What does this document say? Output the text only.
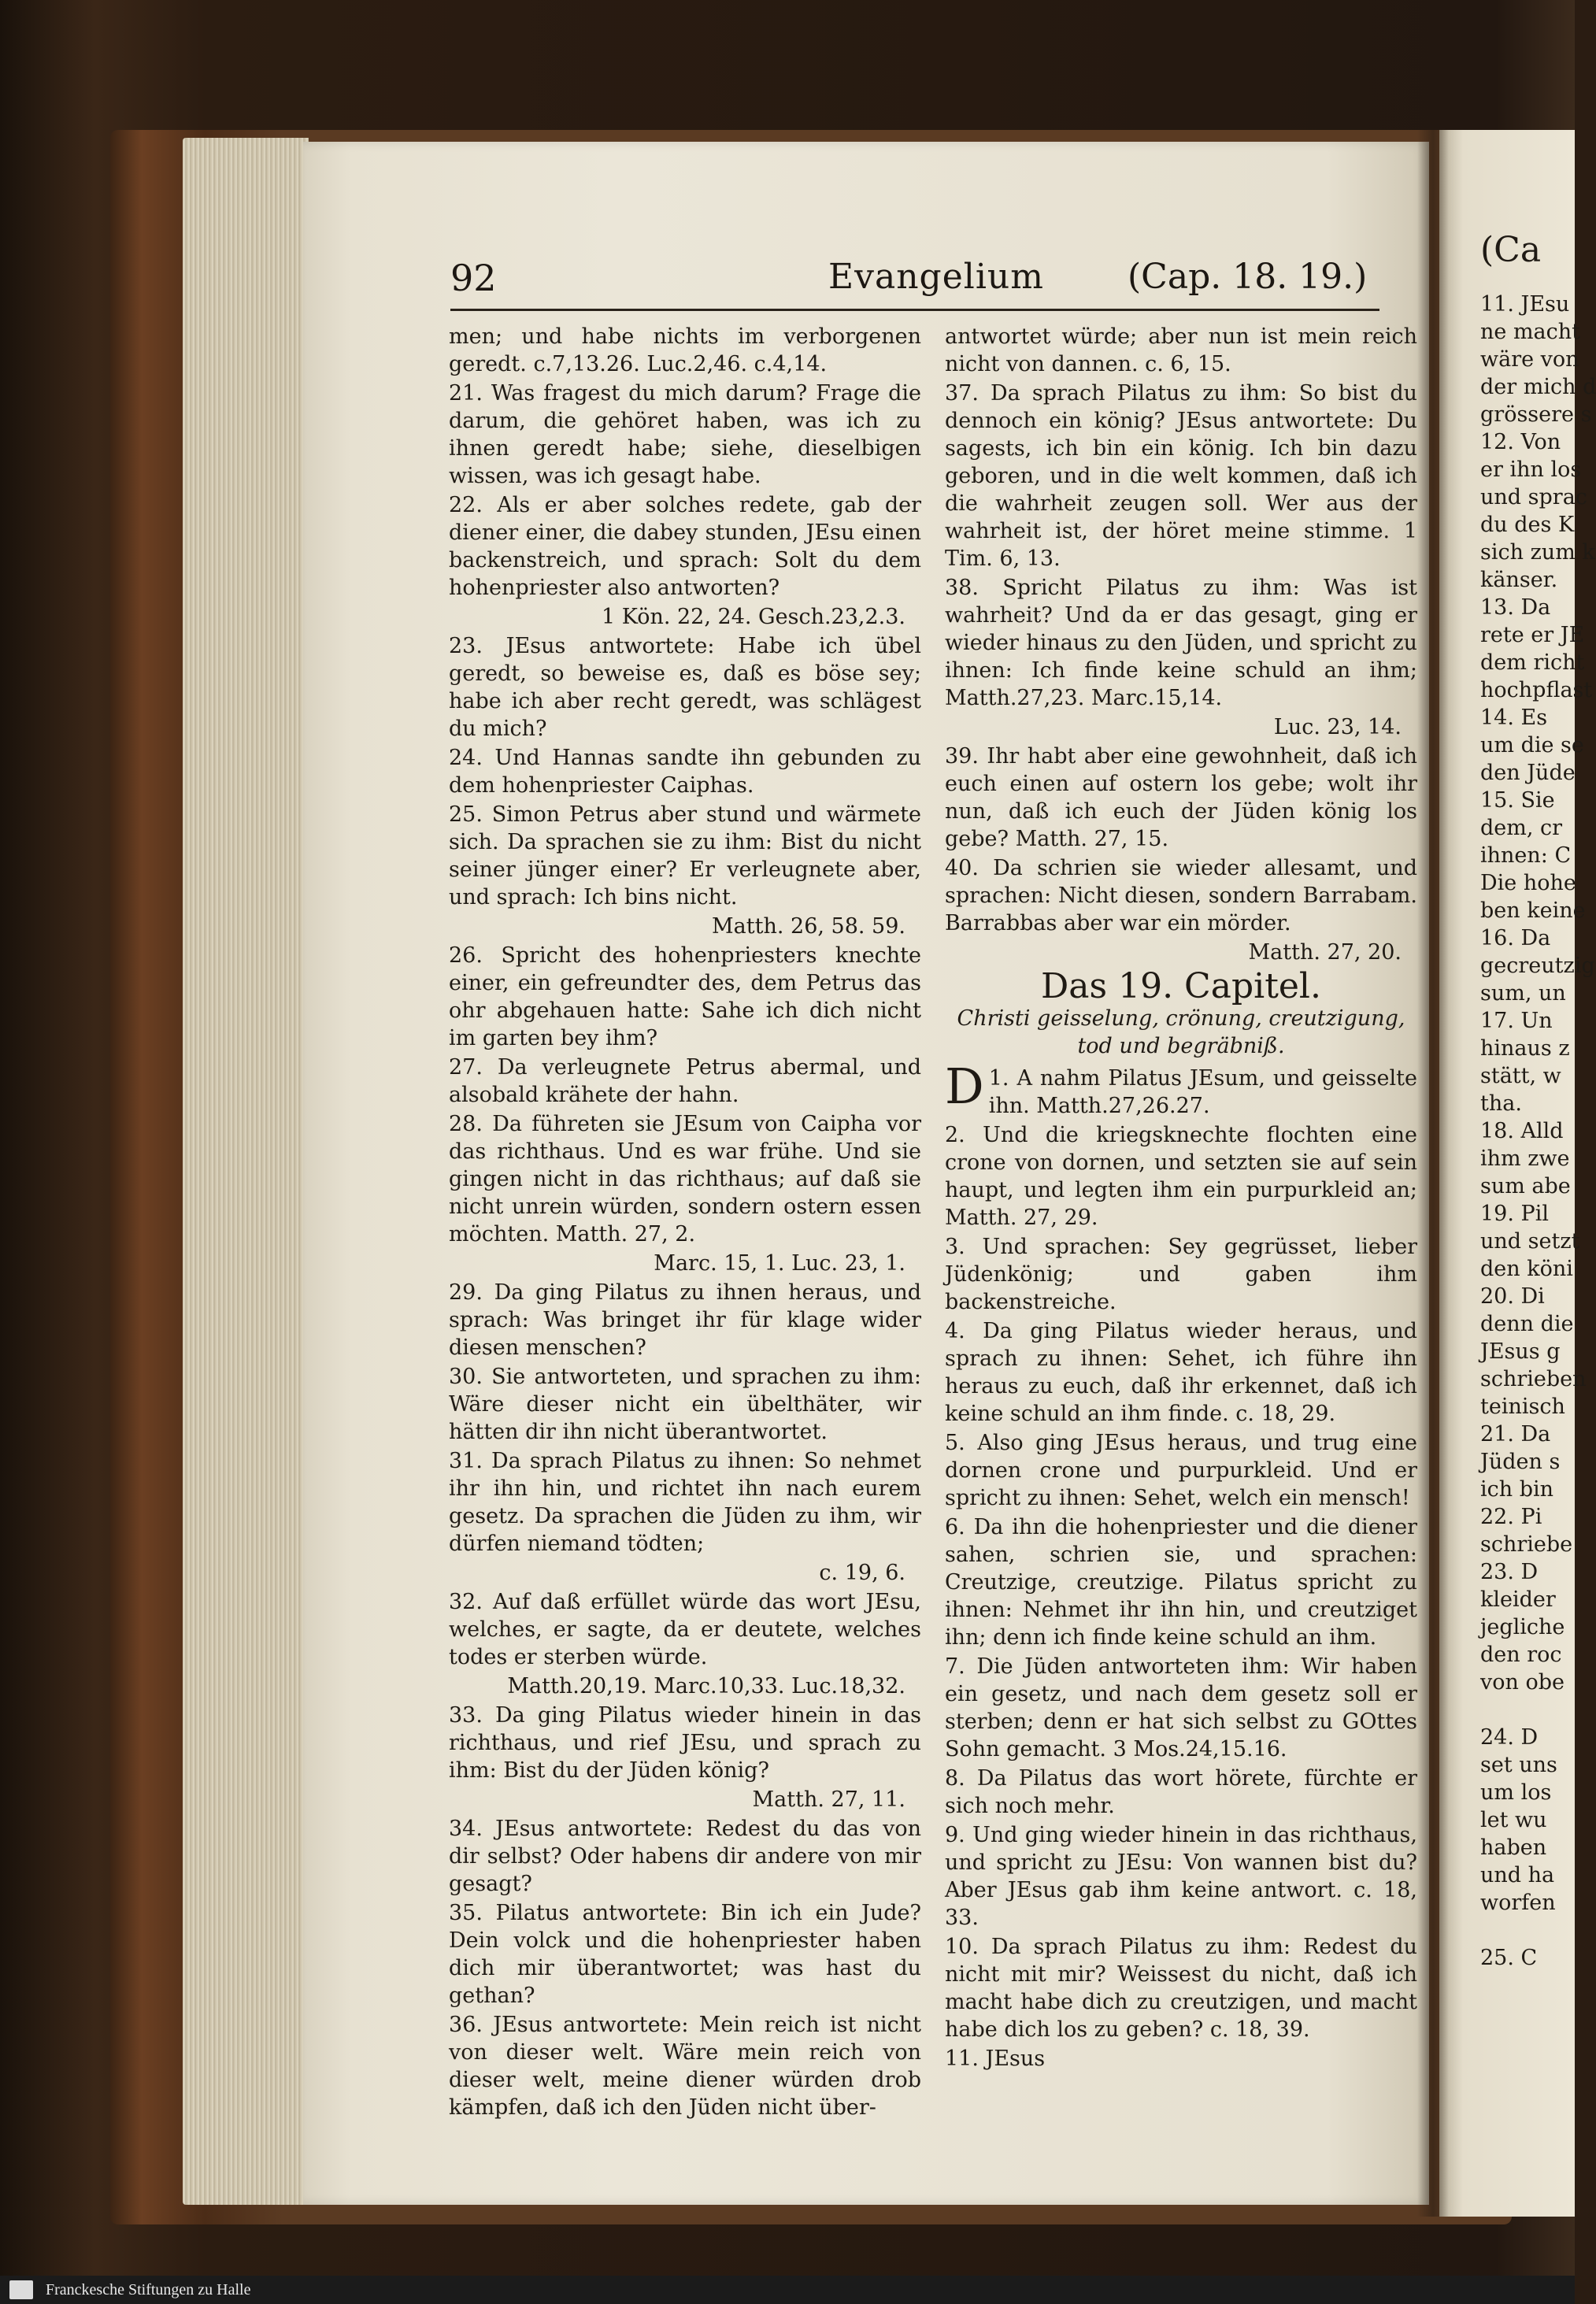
92	Evangelium (Cap. 18. 19.)

men; und habe nichts im verborgenen geredt. c.7,13.26. Luc.2,46. c.4,14.

21. Was fragest du mich darum? Frage die darum, die gehöret haben, was ich zu ihnen geredt habe; siehe, dieselbigen wissen, was ich gesagt habe.

22. Als er aber solches redete, gab der diener einer, die dabey stunden, JEsu einen backenstreich, und sprach: Solt du dem hohenpriester also antworten?

1 Kön. 22, 24. Gesch.23,2.3.

23. JEsus antwortete: Habe ich übel geredt, so beweise es, daß es böse sey; habe ich aber recht geredt, was schlägest du mich?

24. Und Hannas sandte ihn gebunden zu dem hohenpriester Caiphas.

25. Simon Petrus aber stund und wärmete sich. Da sprachen sie zu ihm: Bist du nicht seiner jünger einer? Er verleugnete aber, und sprach: Ich bins nicht.

Matth. 26, 58. 59.

26. Spricht des hohenpriesters knechte einer, ein gefreundter des, dem Petrus das ohr abgehauen hatte: Sahe ich dich nicht im garten bey ihm?

27. Da verleugnete Petrus abermal, und alsobald krähete der hahn.

28. Da führeten sie JEsum von Caipha vor das richthaus. Und es war frühe. Und sie gingen nicht in das richthaus; auf daß sie nicht unrein würden, sondern ostern essen möchten. Matth. 27, 2.

Marc. 15, 1. Luc. 23, 1.

29. Da ging Pilatus zu ihnen heraus, und sprach: Was bringet ihr für klage wider diesen menschen?

30. Sie antworteten, und sprachen zu ihm: Wäre dieser nicht ein übelthäter, wir hätten dir ihn nicht überantwortet.

31. Da sprach Pilatus zu ihnen: So nehmet ihr ihn hin, und richtet ihn nach eurem gesetz. Da sprachen die Jüden zu ihm, wir dürfen niemand tödten;

c. 19, 6.

32. Auf daß erfüllet würde das wort JEsu, welches, er sagte, da er deutete, welches todes er sterben würde.

Matth.20,19. Marc.10,33. Luc.18,32.

33. Da ging Pilatus wieder hinein in das richthaus, und rief JEsu, und sprach zu ihm: Bist du der Jüden könig?

Matth. 27, 11.

34. JEsus antwortete: Redest du das von dir selbst? Oder habens dir andere von mir gesagt?

35. Pilatus antwortete: Bin ich ein Jude? Dein volck und die hohenpriester haben dich mir überantwortet; was hast du gethan?

36. JEsus antwortete: Mein reich ist nicht von dieser welt. Wäre mein reich von dieser welt, meine diener würden drob kämpfen, daß ich den Jüden nicht über-

antwortet würde; aber nun ist mein reich nicht von dannen. c. 6, 15.

37. Da sprach Pilatus zu ihm: So bist du dennoch ein könig? JEsus antwortete: Du sagests, ich bin ein könig. Ich bin dazu geboren, und in die welt kommen, daß ich die wahrheit zeugen soll. Wer aus der wahrheit ist, der höret meine stimme. 1 Tim. 6, 13.

38. Spricht Pilatus zu ihm: Was ist wahrheit? Und da er das gesagt, ging er wieder hinaus zu den Jüden, und spricht zu ihnen: Ich finde keine schuld an ihm; Matth.27,23. Marc.15,14.

Luc. 23, 14.

39. Ihr habt aber eine gewohnheit, daß ich euch einen auf ostern los gebe; wolt ihr nun, daß ich euch der Jüden könig los gebe? Matth. 27, 15.

40. Da schrien sie wieder allesamt, und sprachen: Nicht diesen, sondern Barrabam. Barrabbas aber war ein mörder.

Matth. 27, 20.

Das 19. Capitel.
Christi geisselung, crönung, creutzigung, tod und begräbniß.

1.
D A nahm Pilatus JEsum, und geisselte ihn. Matth.27,26.27.

2. Und die kriegsknechte flochten eine crone von dornen, und setzten sie auf sein haupt, und legten ihm ein purpurkleid an; Matth. 27, 29.

3. Und sprachen: Sey gegrüsset, lieber Jüdenkönig; und gaben ihm backenstreiche.

4. Da ging Pilatus wieder heraus, und sprach zu ihnen: Sehet, ich führe ihn heraus zu euch, daß ihr erkennet, daß ich keine schuld an ihm finde. c. 18, 29.

5. Also ging JEsus heraus, und trug eine dornen crone und purpurkleid. Und er spricht zu ihnen: Sehet, welch ein mensch!

6. Da ihn die hohenpriester und die diener sahen, schrien sie, und sprachen: Creutzige, creutzige. Pilatus spricht zu ihnen: Nehmet ihr ihn hin, und creutziget ihn; denn ich finde keine schuld an ihm.

7. Die Jüden antworteten ihm: Wir haben ein gesetz, und nach dem gesetz soll er sterben; denn er hat sich selbst zu GOttes Sohn gemacht. 3 Mos.24,15.16.

8. Da Pilatus das wort hörete, fürchte er sich noch mehr.

9. Und ging wieder hinein in das richthaus, und spricht zu JEsu: Von wannen bist du? Aber JEsus gab ihm keine antwort. c. 18, 33.

10. Da sprach Pilatus zu ihm: Redest du nicht mit mir? Weissest du nicht, daß ich macht habe dich zu creutzigen, und macht habe dich los zu geben? c. 18, 39.

11. JEsus

(Ca
11. JEsu
ne macht
wäre von
der mich d
grössere s
12. Von
er ihn los
und sprac
du des K
sich zum k
känser.
13. Da
rete er JE
dem richt
hochpflast
14. Es
um die se
den Jüde
15. Sie
dem, cr
ihnen: C
Die hohe
ben keine
16. Da
gecreutzig
sum, un
17. Un
hinaus z
stätt, w
tha.
18. Alld
ihm zwe
sum abe
19. Pil
und setzt
den köni
20. Di
denn die
JEsus g
schrieben
teinisch
21. Da
Jüden s
ich bin
22. Pi
schriebe
23. D
kleider
jegliche
den roc
von obe
24. D
set uns
um los
let wu
haben
und ha
worfen
25. C
Franckesche Stiftungen zu Halle
